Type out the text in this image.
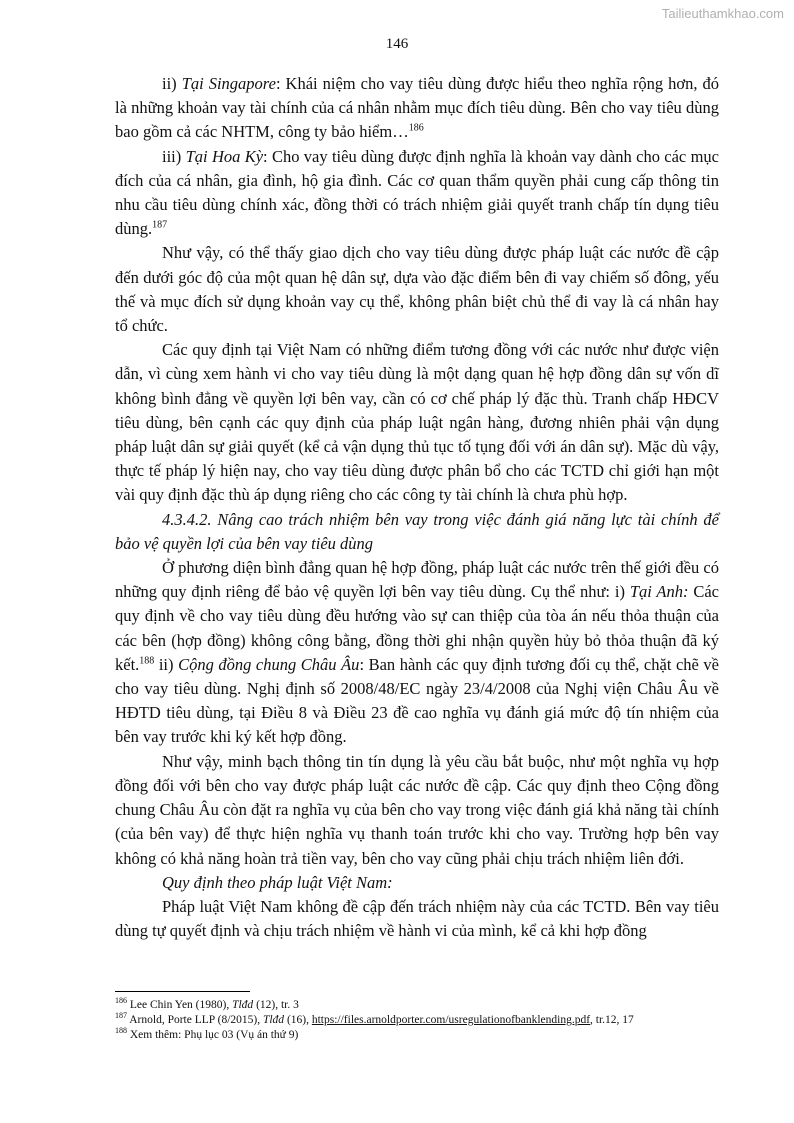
Tailieuthamkhao.com
146

ii) Tại Singapore: Khái niệm cho vay tiêu dùng được hiểu theo nghĩa rộng hơn, đó là những khoản vay tài chính của cá nhân nhằm mục đích tiêu dùng. Bên cho vay tiêu dùng bao gồm cả các NHTM, công ty bảo hiểm…$^{186}$

iii) Tại Hoa Kỳ: Cho vay tiêu dùng được định nghĩa là khoản vay dành cho các mục đích của cá nhân, gia đình, hộ gia đình. Các cơ quan thẩm quyền phải cung cấp thông tin nhu cầu tiêu dùng chính xác, đồng thời có trách nhiệm giải quyết tranh chấp tín dụng tiêu dùng.$^{187}$

Như vậy, có thể thấy giao dịch cho vay tiêu dùng được pháp luật các nước đề cập đến dưới góc độ của một quan hệ dân sự, dựa vào đặc điểm bên đi vay chiếm số đông, yếu thế và mục đích sử dụng khoản vay cụ thể, không phân biệt chủ thể đi vay là cá nhân hay tổ chức.

Các quy định tại Việt Nam có những điểm tương đồng với các nước như được viện dẫn, vì cùng xem hành vi cho vay tiêu dùng là một dạng quan hệ hợp đồng dân sự vốn dĩ không bình đẳng về quyền lợi bên vay, cần có cơ chế pháp lý đặc thù. Tranh chấp HĐCV tiêu dùng, bên cạnh các quy định của pháp luật ngân hàng, đương nhiên phải vận dụng pháp luật dân sự giải quyết (kể cả vận dụng thủ tục tố tụng đối với án dân sự). Mặc dù vậy, thực tế pháp lý hiện nay, cho vay tiêu dùng được phân bổ cho các TCTD chỉ giới hạn một vài quy định đặc thù áp dụng riêng cho các công ty tài chính là chưa phù hợp.

4.3.4.2. Nâng cao trách nhiệm bên vay trong việc đánh giá năng lực tài chính để bảo vệ quyền lợi của bên vay tiêu dùng

Ở phương diện bình đẳng quan hệ hợp đồng, pháp luật các nước trên thế giới đều có những quy định riêng để bảo vệ quyền lợi bên vay tiêu dùng. Cụ thể như: i) Tại Anh: Các quy định về cho vay tiêu dùng đều hướng vào sự can thiệp của tòa án nếu thỏa thuận của các bên (hợp đồng) không công bằng, đồng thời ghi nhận quyền hủy bỏ thỏa thuận đã ký kết.$^{188}$ ii) Cộng đồng chung Châu Âu: Ban hành các quy định tương đối cụ thể, chặt chẽ về cho vay tiêu dùng. Nghị định số 2008/48/EC ngày 23/4/2008 của Nghị viện Châu Âu về HĐTD tiêu dùng, tại Điều 8 và Điều 23 đề cao nghĩa vụ đánh giá mức độ tín nhiệm của bên vay trước khi ký kết hợp đồng.

Như vậy, minh bạch thông tin tín dụng là yêu cầu bắt buộc, như một nghĩa vụ hợp đồng đối với bên cho vay được pháp luật các nước đề cập. Các quy định theo Cộng đồng chung Châu Âu còn đặt ra nghĩa vụ của bên cho vay trong việc đánh giá khả năng tài chính (của bên vay) để thực hiện nghĩa vụ thanh toán trước khi cho vay. Trường hợp bên vay không có khả năng hoàn trả tiền vay, bên cho vay cũng phải chịu trách nhiệm liên đới.

Quy định theo pháp luật Việt Nam:

Pháp luật Việt Nam không đề cập đến trách nhiệm này của các TCTD. Bên vay tiêu dùng tự quyết định và chịu trách nhiệm về hành vi của mình, kể cả khi hợp đồng

$^{186}$ Lee Chin Yen (1980), Tlđd (12), tr. 3
$^{187}$ Arnold, Porte LLP (8/2015), Tlđd (16), https://files.arnoldporter.com/usregulationofbanklending.pdf, tr.12, 17
$^{188}$ Xem thêm: Phụ lục 03 (Vụ án thứ 9)
